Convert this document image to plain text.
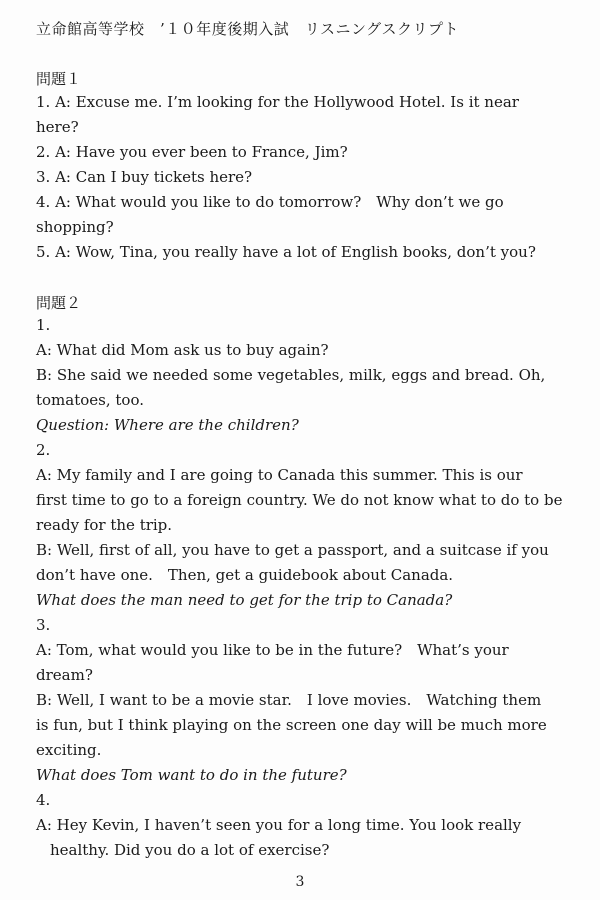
立命館高等学校　’１０年度後期入試　リスニングスクリプト
問題１
1. A: Excuse me. I’m looking for the Hollywood Hotel. Is it near
here?
2. A: Have you ever been to France, Jim?
3. A: Can I buy tickets here?
4. A: What would you like to do tomorrow?　Why don’t we go
shopping?
5. A: Wow, Tina, you really have a lot of English books, don’t you?
問題２
1.
A: What did Mom ask us to buy again?
B: She said we needed some vegetables, milk, eggs and bread. Oh,
tomatoes, too.
Question: Where are the children?
2.
A: My family and I are going to Canada this summer. This is our
first time to go to a foreign country. We do not know what to do to be
ready for the trip.
B: Well, first of all, you have to get a passport, and a suitcase if you
don’t have one.　Then, get a guidebook about Canada.
What does the man need to get for the trip to Canada?
3.
A: Tom, what would you like to be in the future?　What’s your
dream?
B: Well, I want to be a movie star.　I love movies.　Watching them
is fun, but I think playing on the screen one day will be much more
exciting.
What does Tom want to do in the future?
4.
A: Hey Kevin, I haven’t seen you for a long time. You look really
healthy. Did you do a lot of exercise?
3
